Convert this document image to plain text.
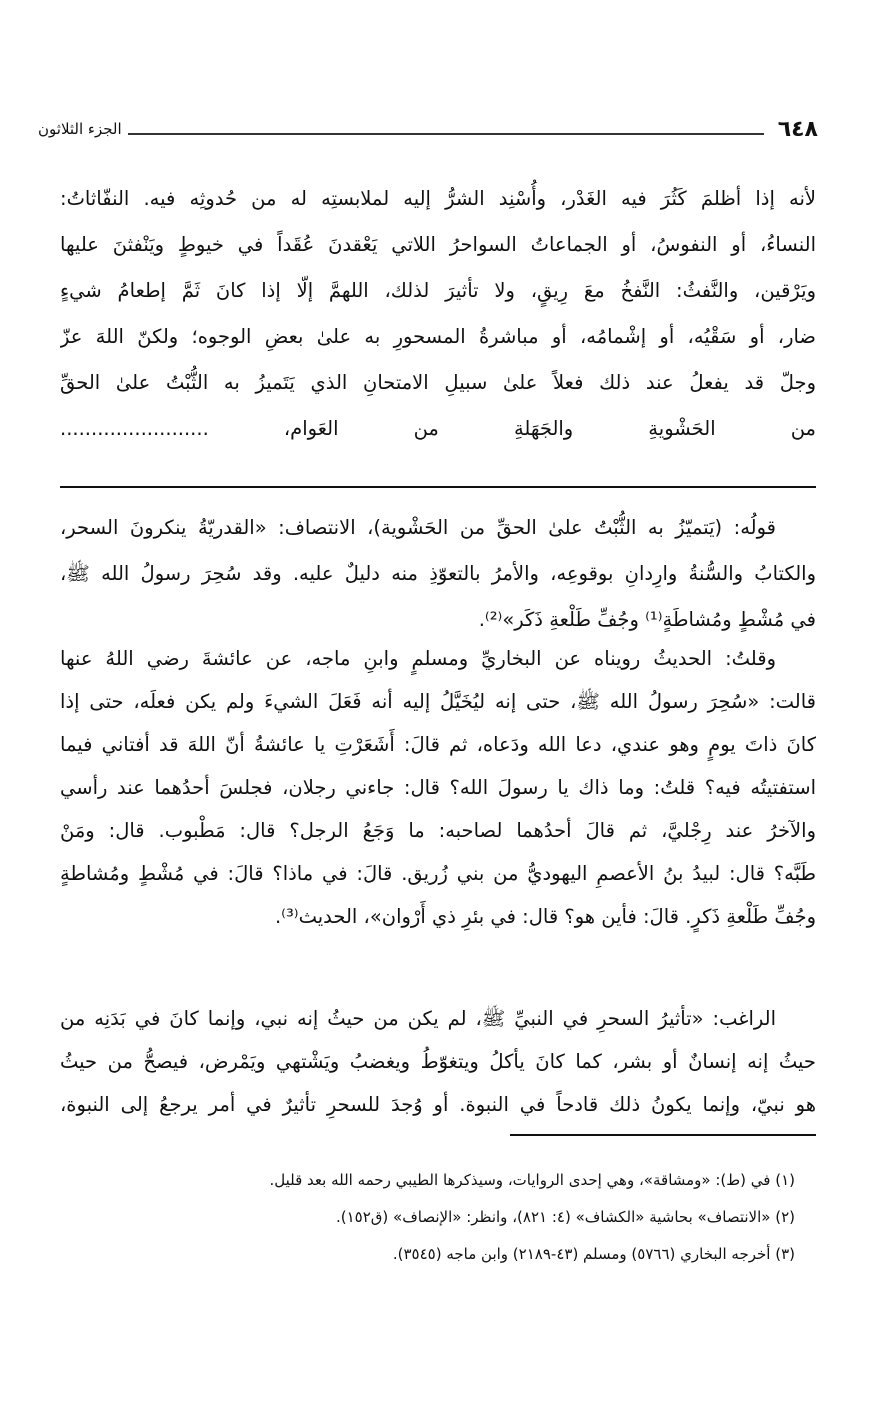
٦٤٨
الجزء الثلاثون
لأنه إذا أظلمَ كَثُرَ فيه الغَدْر، وأُسْنِد الشرُّ إليه لملابستِه له من حُدوثِه فيه. النفّاثاتُ:
النساءُ، أو النفوسُ، أو الجماعاتُ السواحرُ اللاتي يَعْقدنَ عُقَداً في خيوطٍ ويَنْفثنَ عليها
ويَرْقين، والنَّفثُ: النَّفخُ معَ رِيقٍ، ولا تأثيرَ لذلك، اللهمَّ إلّا إذا كانَ ثَمَّ إطعامُ شيءٍ
ضار، أو سَقْيُه، أو إشْمامُه، أو مباشرةُ المسحورِ به علىٰ بعضِ الوجوه؛ ولكنّ اللهَ عزّ
وجلّ قد يفعلُ عند ذلك فعلاً علىٰ سبيلِ الامتحانِ الذي يَتَميزُ به الثُّبْتُ علىٰ الحقِّ
من الحَشْويةِ والجَهَلةِ من العَوام، ........................
قولُه: (يَتميّزُ به الثُّبْتُ علىٰ الحقِّ من الحَشْوية)، الانتصاف: «القدريّةُ ينكرونَ السحر،
والكتابُ والسُّنةُ وارِدانِ بوقوعِه، والأمرُ بالتعوّذِ منه دليلٌ عليه. وقد سُحِرَ رسولُ الله ﷺ،
في مُشْطٍ ومُشاطَةٍ⁽¹⁾ وجُفِّ طَلْعةِ ذَكَر»⁽²⁾.
وقلتُ: الحديثُ رويناه عن البخاريِّ ومسلمٍ وابنِ ماجه، عن عائشةَ رضي اللهُ عنها
قالت: «سُحِرَ رسولُ الله ﷺ، حتى إنه ليُخَيَّلُ إليه أنه فَعَلَ الشيءَ ولم يكن فعلَه، حتى إذا
كانَ ذاتَ يومٍ وهو عندي، دعا الله ودَعاه، ثم قالَ: أَشَعَرْتِ يا عائشةُ أنّ اللهَ قد أفتاني فيما
استفتيتُه فيه؟ قلتُ: وما ذاك يا رسولَ الله؟ قال: جاءني رجلان، فجلسَ أحدُهما عند رأسي
والآخرُ عند رِجْليَّ، ثم قالَ أحدُهما لصاحبه: ما وَجَعُ الرجل؟ قال: مَطْبوب. قال: ومَنْ
طَبَّه؟ قال: لبيدُ بنُ الأعصمِ اليهوديُّ من بني زُريق. قالَ: في ماذا؟ قالَ: في مُشْطٍ ومُشاطةٍ
وجُفِّ طَلْعةِ ذَكرٍ. قالَ: فأين هو؟ قال: في بئرِ ذي أَرْوان»، الحديث⁽³⁾.
الراغب: «تأثيرُ السحرِ في النبيِّ ﷺ، لم يكن من حيثُ إنه نبي، وإنما كانَ في بَدَنِه من
حيثُ إنه إنسانٌ أو بشر، كما كانَ يأكلُ ويتغوّطُ ويغضبُ ويَشْتهي ويَمْرض، فيصحُّ من حيثُ
هو نبيّ، وإنما يكونُ ذلك قادحاً في النبوة. أو وُجدَ للسحرِ تأثيرٌ في أمر يرجعُ إلى النبوة،
(١) في (ط): «ومشاقة»، وهي إحدى الروايات، وسيذكرها الطيبي رحمه الله بعد قليل.
(٢) «الانتصاف» بحاشية «الكشاف» (٤: ٨٢١)، وانظر: «الإنصاف» (ق١٥٢).
(٣) أخرجه البخاري (٥٧٦٦) ومسلم (٤٣-٢١٨٩) وابن ماجه (٣٥٤٥).
